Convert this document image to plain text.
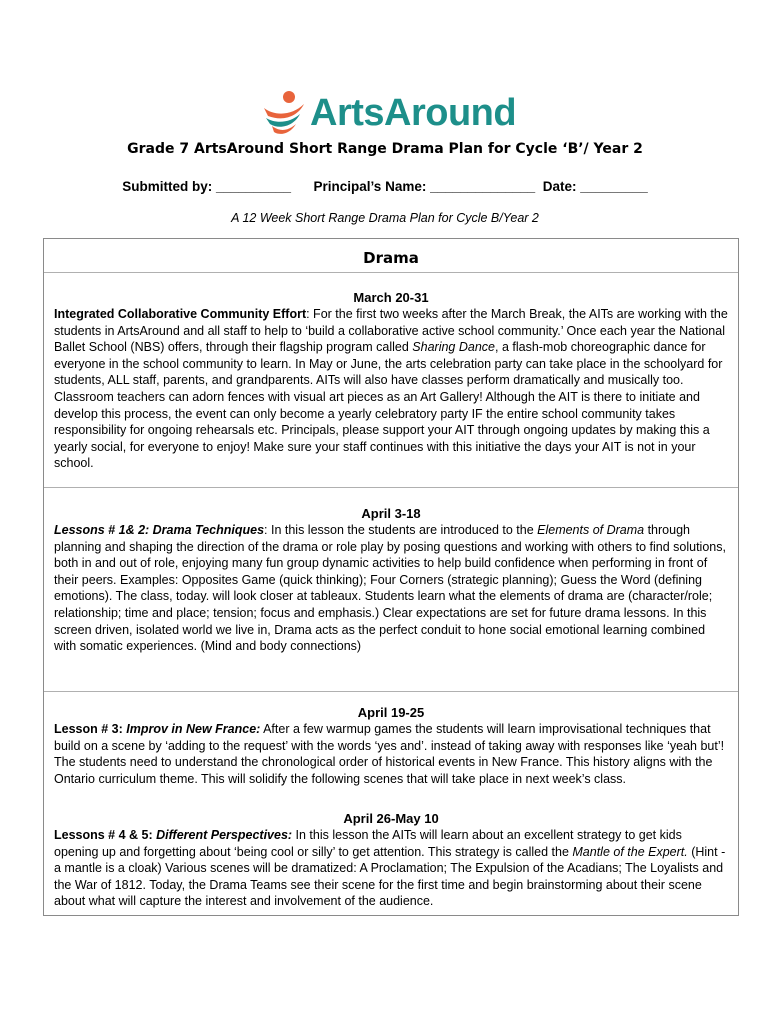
ArtsAround
Grade 7 ArtsAround Short Range Drama Plan for Cycle ‘B’/ Year 2
Submitted by: __________      Principal’s Name: ______________  Date: _________
A 12 Week Short Range Drama Plan for Cycle B/Year 2
Drama
March 20-31
Integrated Collaborative Community Effort: For the first two weeks after the March Break, the AITs are working with the students in ArtsAround and all staff to help to ‘build a collaborative active school community.’ Once each year the National Ballet School (NBS) offers, through their flagship program called Sharing Dance, a flash-mob choreographic dance for everyone in the school community to learn. In May or June, the arts celebration party can take place in the schoolyard for students, ALL staff, parents, and grandparents. AITs will also have classes perform dramatically and musically too. Classroom teachers can adorn fences with visual art pieces as an Art Gallery! Although the AIT is there to initiate and develop this process, the event can only become a yearly celebratory party IF the entire school community takes responsibility for ongoing rehearsals etc. Principals, please support your AIT through ongoing updates by making this a yearly social, for everyone to enjoy! Make sure your staff continues with this initiative the days your AIT is not in your school.
April 3-18
Lessons # 1& 2: Drama Techniques: In this lesson the students are introduced to the Elements of Drama through planning and shaping the direction of the drama or role play by posing questions and working with others to find solutions, both in and out of role, enjoying many fun group dynamic activities to help build confidence when performing in front of their peers. Examples: Opposites Game (quick thinking); Four Corners (strategic planning); Guess the Word (defining emotions). The class, today. will look closer at tableaux. Students learn what the elements of drama are (character/role; relationship; time and place; tension; focus and emphasis.) Clear expectations are set for future drama lessons. In this screen driven, isolated world we live in, Drama acts as the perfect conduit to hone social emotional learning combined with somatic experiences. (Mind and body connections)
April 19-25
Lesson # 3: Improv in New France: After a few warmup games the students will learn improvisational techniques that build on a scene by ‘adding to the request’ with the words ‘yes and’. instead of taking away with responses like ‘yeah but’! The students need to understand the chronological order of historical events in New France. This history aligns with the Ontario curriculum theme. This will solidify the following scenes that will take place in next week’s class.
April 26-May 10
Lessons # 4 & 5: Different Perspectives: In this lesson the AITs will learn about an excellent strategy to get kids opening up and forgetting about ‘being cool or silly’ to get attention. This strategy is called the Mantle of the Expert. (Hint -a mantle is a cloak) Various scenes will be dramatized: A Proclamation; The Expulsion of the Acadians; The Loyalists and the War of 1812. Today, the Drama Teams see their scene for the first time and begin brainstorming about their scene about what will capture the interest and involvement of the audience.
